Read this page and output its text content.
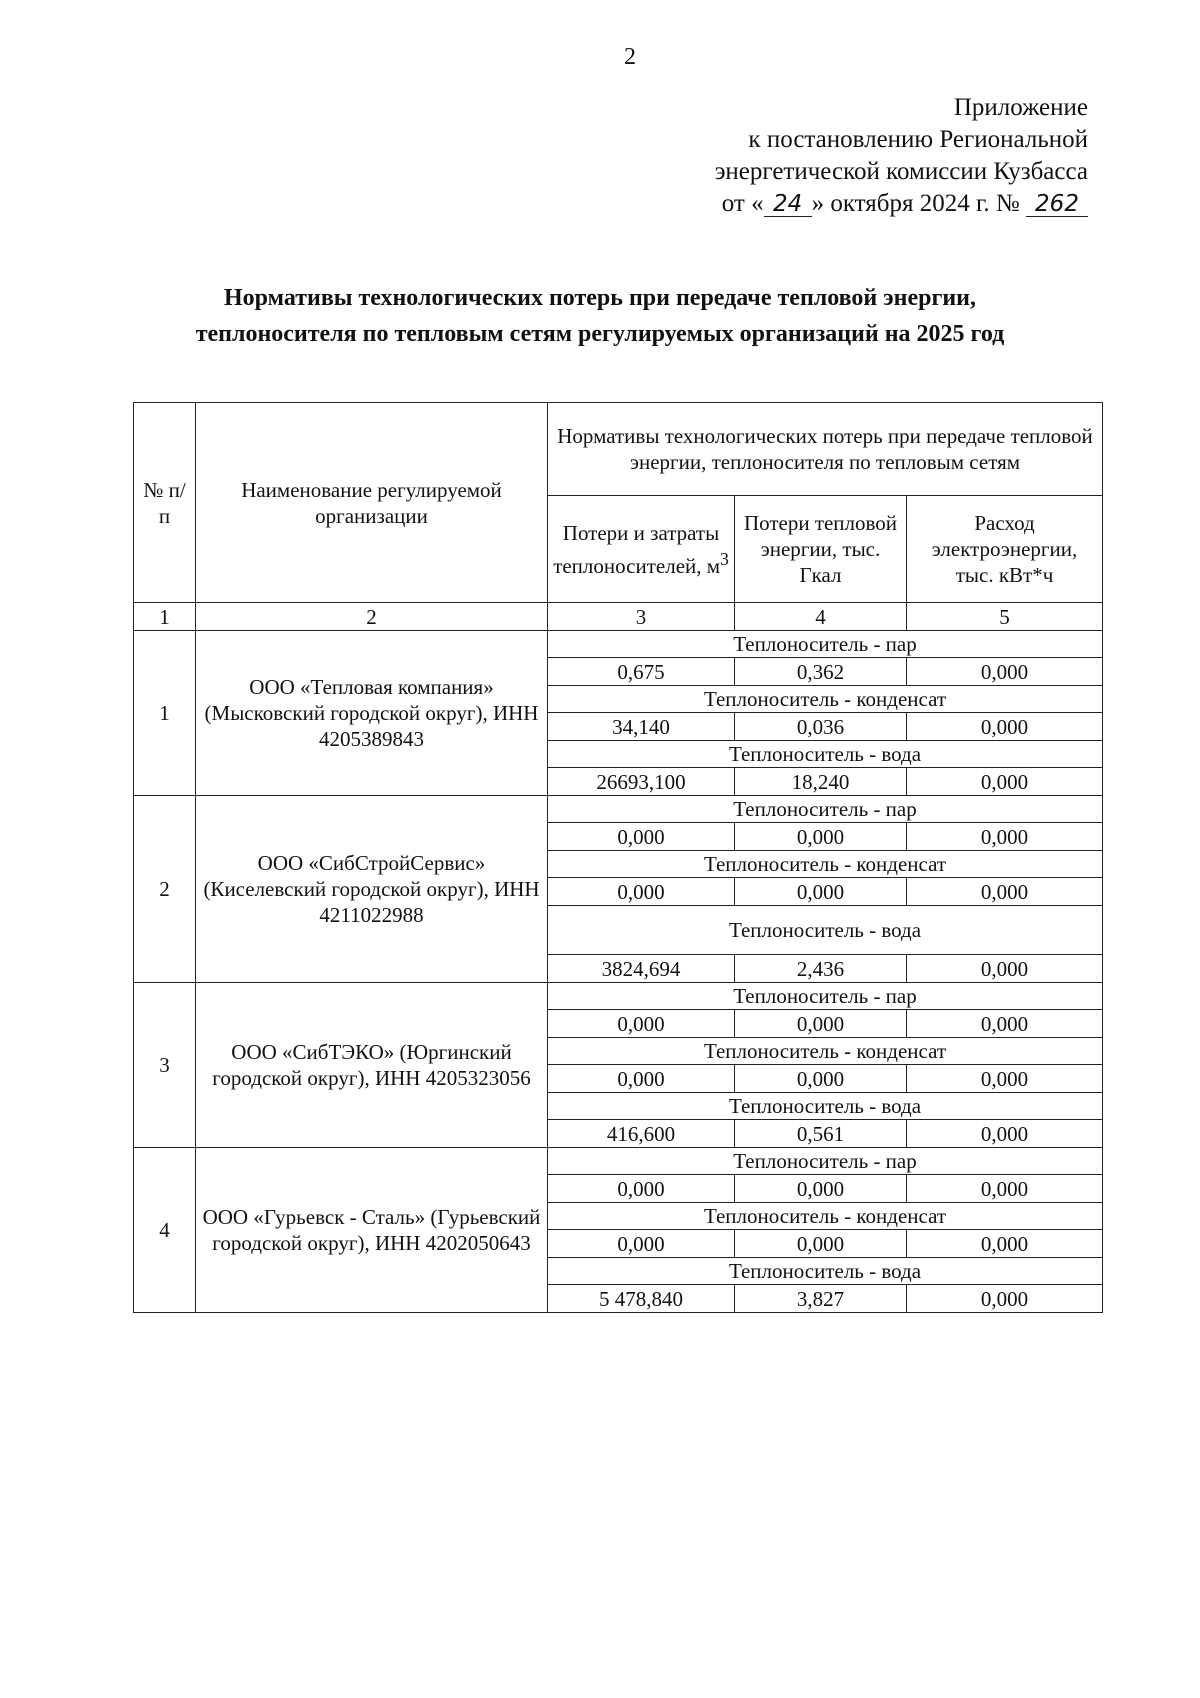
2
Приложение
к постановлению Региональной
энергетической комиссии Кузбасса
от « 24 » октября 2024 г. № 262
Нормативы технологических потерь при передаче тепловой энергии,
теплоносителя по тепловым сетям регулируемых организаций на 2025 год
№ п/п	Наименование регулируемой организации	Нормативы технологических потерь при передаче тепловой энергии, теплоносителя по тепловым сетям		
		Потери и затраты теплоносителей, $м^3$	Потери тепловой энергии, тыс. Гкал	Расход электроэнергии, тыс. кВт*ч
1	2	3	4	5
1	ООО «Тепловая компания» (Мысковский городской округ), ИНН 4205389843	Теплоноситель - пар		
		0,675	0,362	0,000
		Теплоноситель - конденсат		
		34,140	0,036	0,000
		Теплоноситель - вода		
		26693,100	18,240	0,000
2	ООО «СибСтройСервис» (Киселевский городской округ), ИНН 4211022988	Теплоноситель - пар		
		0,000	0,000	0,000
		Теплоноситель - конденсат		
		0,000	0,000	0,000
		Теплоноситель - вода		
		3824,694	2,436	0,000
3	ООО «СибТЭКО» (Юргинский городской округ), ИНН 4205323056	Теплоноситель - пар		
		0,000	0,000	0,000
		Теплоноситель - конденсат		
		0,000	0,000	0,000
		Теплоноситель - вода		
		416,600	0,561	0,000
4	ООО «Гурьевск - Сталь» (Гурьевский городской округ), ИНН 4202050643	Теплоноситель - пар		
		0,000	0,000	0,000
		Теплоноситель - конденсат		
		0,000	0,000	0,000
		Теплоноситель - вода		
		5 478,840	3,827	0,000
